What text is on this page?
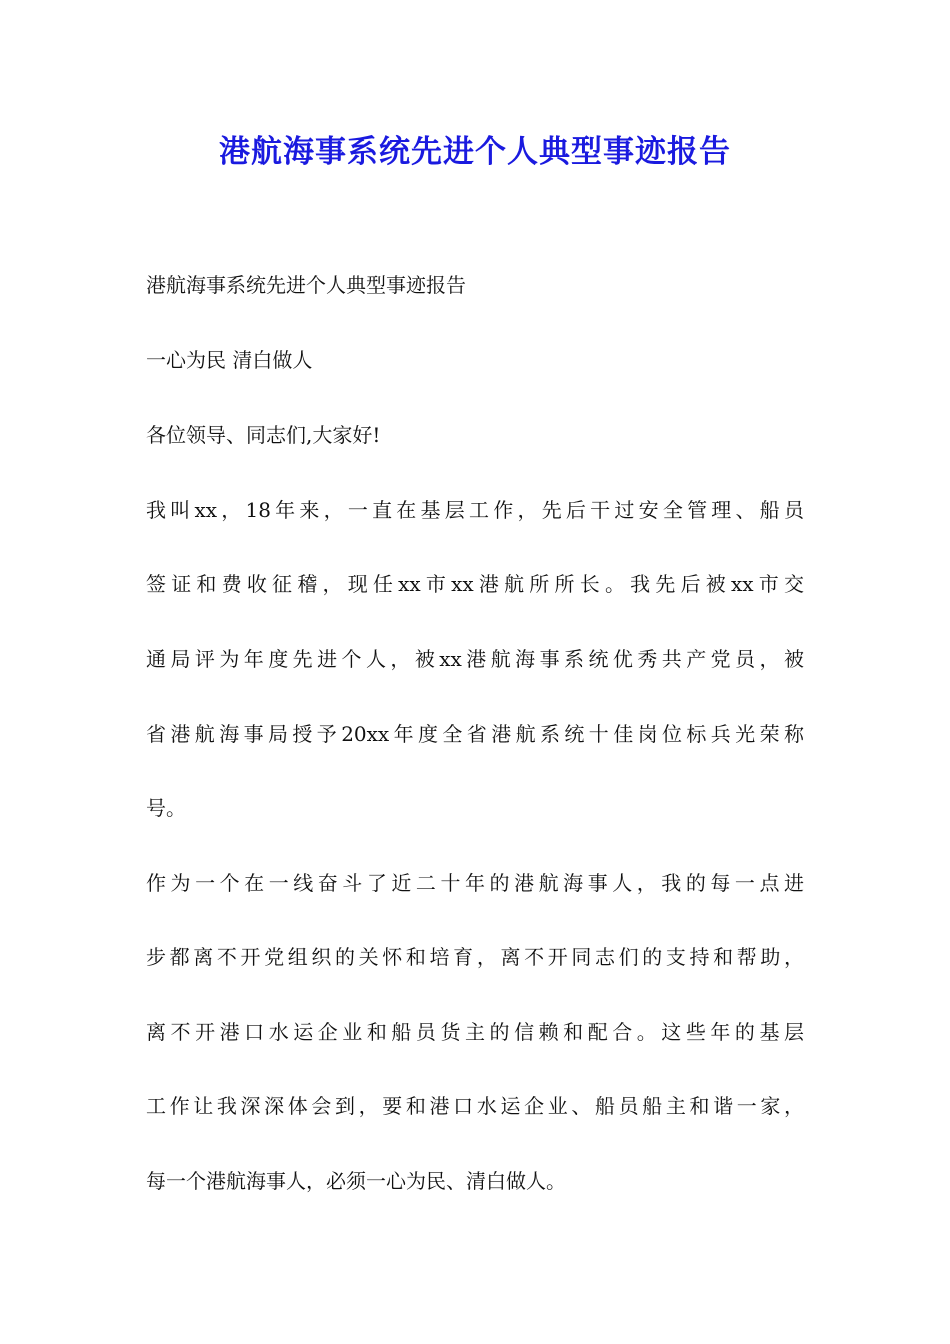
港航海事系统先进个人典型事迹报告
港航海事系统先进个人典型事迹报告
一心为民 清白做人
各位领导、同志们,大家好!
我叫xx，18年来，一直在基层工作，先后干过安全管理、船员
签证和费收征稽，现任xx市xx港航所所长。我先后被xx市交
通局评为年度先进个人，被xx港航海事系统优秀共产党员，被
省港航海事局授予20xx年度全省港航系统十佳岗位标兵光荣称
号。
作为一个在一线奋斗了近二十年的港航海事人，我的每一点进
步都离不开党组织的关怀和培育，离不开同志们的支持和帮助，
离不开港口水运企业和船员货主的信赖和配合。这些年的基层
工作让我深深体会到，要和港口水运企业、船员船主和谐一家，
每一个港航海事人，必须一心为民、清白做人。
